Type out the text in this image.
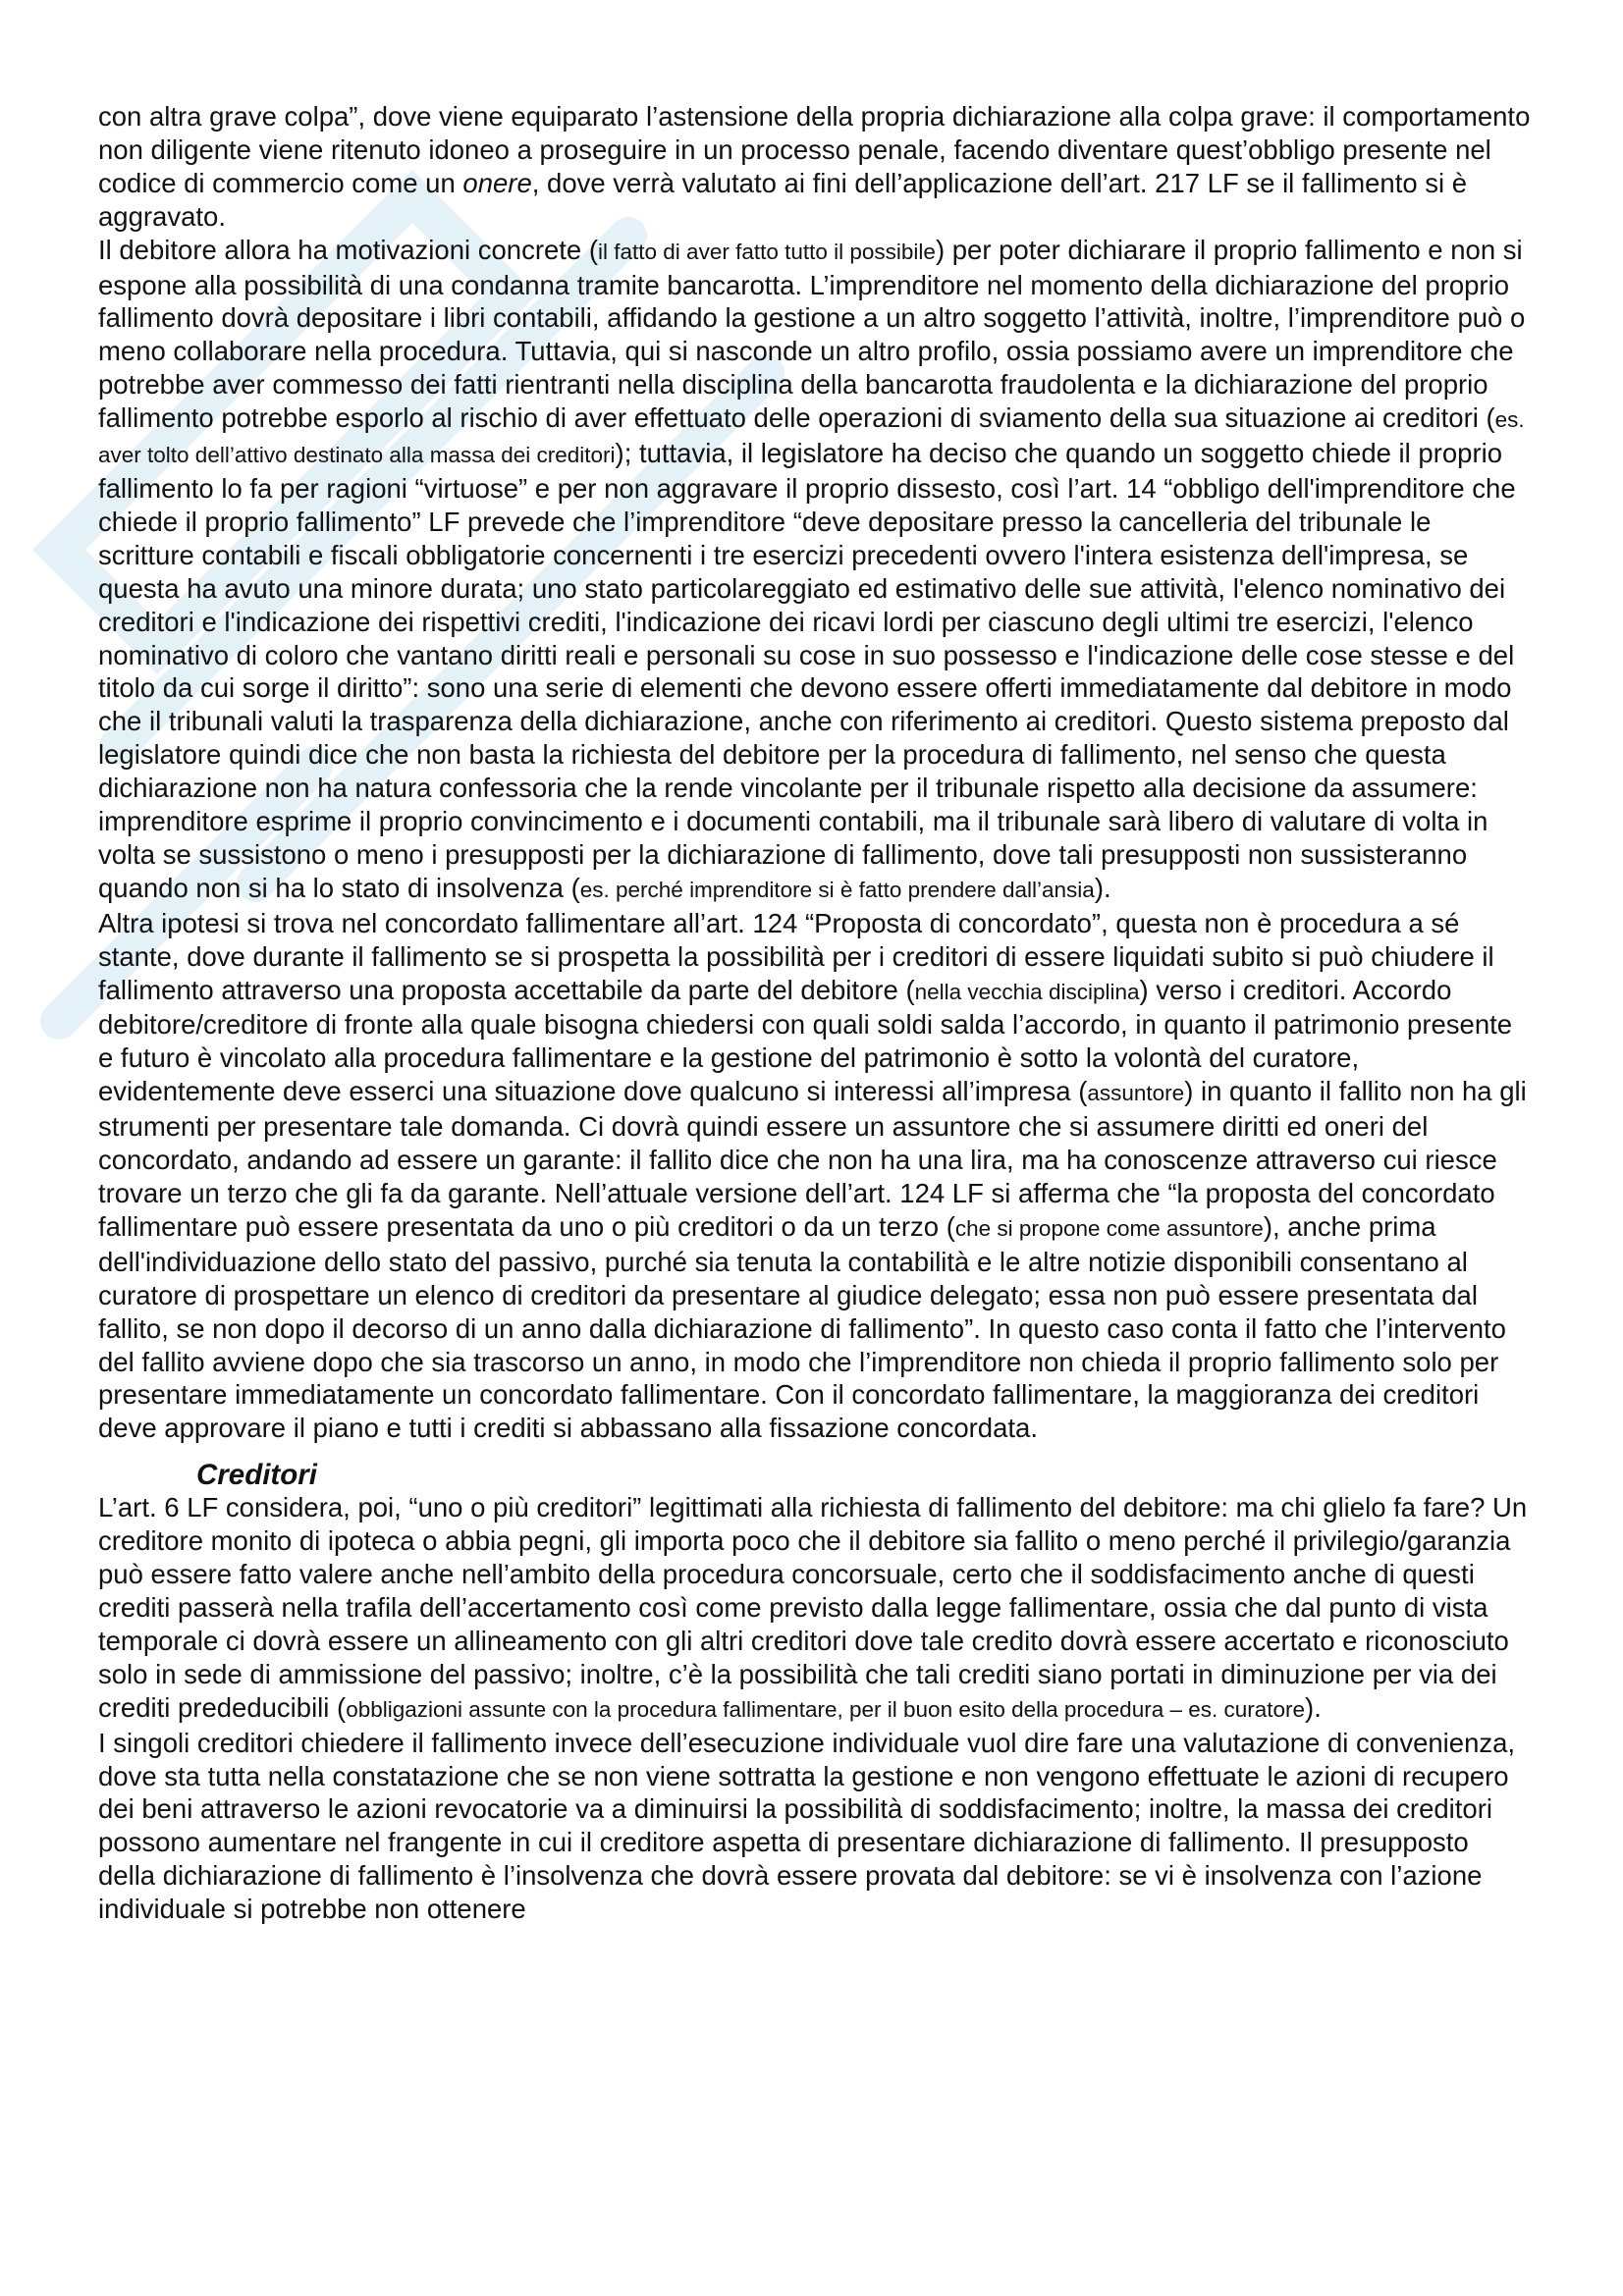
con altra grave colpa”, dove viene equiparato l’astensione della propria dichiarazione alla colpa grave: il comportamento non diligente viene ritenuto idoneo a proseguire in un processo penale, facendo diventare quest’obbligo presente nel codice di commercio come un onere, dove verrà valutato ai fini dell’applicazione dell’art. 217 LF se il fallimento si è aggravato.

Il debitore allora ha motivazioni concrete (il fatto di aver fatto tutto il possibile) per poter dichiarare il proprio fallimento e non si espone alla possibilità di una condanna tramite bancarotta. L’imprenditore nel momento della dichiarazione del proprio fallimento dovrà depositare i libri contabili, affidando la gestione a un altro soggetto l’attività, inoltre, l’imprenditore può o meno collaborare nella procedura. Tuttavia, qui si nasconde un altro profilo, ossia possiamo avere un imprenditore che potrebbe aver commesso dei fatti rientranti nella disciplina della bancarotta fraudolenta e la dichiarazione del proprio fallimento potrebbe esporlo al rischio di aver effettuato delle operazioni di sviamento della sua situazione ai creditori (es. aver tolto dell’attivo destinato alla massa dei creditori); tuttavia, il legislatore ha deciso che quando un soggetto chiede il proprio fallimento lo fa per ragioni “virtuose” e per non aggravare il proprio dissesto, così l’art. 14 “obbligo dell'imprenditore che chiede il proprio fallimento” LF prevede che l’imprenditore “deve depositare presso la cancelleria del tribunale le scritture contabili e fiscali obbligatorie concernenti i tre esercizi precedenti ovvero l'intera esistenza dell'impresa, se questa ha avuto una minore durata; uno stato particolareggiato ed estimativo delle sue attività, l'elenco nominativo dei creditori e l'indicazione dei rispettivi crediti, l'indicazione dei ricavi lordi per ciascuno degli ultimi tre esercizi, l'elenco nominativo di coloro che vantano diritti reali e personali su cose in suo possesso e l'indicazione delle cose stesse e del titolo da cui sorge il diritto”: sono una serie di elementi che devono essere offerti immediatamente dal debitore in modo che il tribunali valuti la trasparenza della dichiarazione, anche con riferimento ai creditori. Questo sistema preposto dal legislatore quindi dice che non basta la richiesta del debitore per la procedura di fallimento, nel senso che questa dichiarazione non ha natura confessoria che la rende vincolante per il tribunale rispetto alla decisione da assumere: imprenditore esprime il proprio convincimento e i documenti contabili, ma il tribunale sarà libero di valutare di volta in volta se sussistono o meno i presupposti per la dichiarazione di fallimento, dove tali presupposti non sussisteranno quando non si ha lo stato di insolvenza (es. perché imprenditore si è fatto prendere dall’ansia).

Altra ipotesi si trova nel concordato fallimentare all’art. 124 “Proposta di concordato”, questa non è procedura a sé stante, dove durante il fallimento se si prospetta la possibilità per i creditori di essere liquidati subito si può chiudere il fallimento attraverso una proposta accettabile da parte del debitore (nella vecchia disciplina) verso i creditori. Accordo debitore/creditore di fronte alla quale bisogna chiedersi con quali soldi salda l’accordo, in quanto il patrimonio presente e futuro è vincolato alla procedura fallimentare e la gestione del patrimonio è sotto la volontà del curatore, evidentemente deve esserci una situazione dove qualcuno si interessi all’impresa (assuntore) in quanto il fallito non ha gli strumenti per presentare tale domanda. Ci dovrà quindi essere un assuntore che si assumere diritti ed oneri del concordato, andando ad essere un garante: il fallito dice che non ha una lira, ma ha conoscenze attraverso cui riesce trovare un terzo che gli fa da garante. Nell’attuale versione dell’art. 124 LF si afferma che “la proposta del concordato fallimentare può essere presentata da uno o più creditori o da un terzo (che si propone come assuntore), anche prima dell'individuazione dello stato del passivo, purché sia tenuta la contabilità e le altre notizie disponibili consentano al curatore di prospettare un elenco di creditori da presentare al giudice delegato; essa non può essere presentata dal fallito, se non dopo il decorso di un anno dalla dichiarazione di fallimento”. In questo caso conta il fatto che l’intervento del fallito avviene dopo che sia trascorso un anno, in modo che l’imprenditore non chieda il proprio fallimento solo per presentare immediatamente un concordato fallimentare. Con il concordato fallimentare, la maggioranza dei creditori deve approvare il piano e tutti i crediti si abbassano alla fissazione concordata.

Creditori

L’art. 6 LF considera, poi, “uno o più creditori” legittimati alla richiesta di fallimento del debitore: ma chi glielo fa fare? Un creditore monito di ipoteca o abbia pegni, gli importa poco che il debitore sia fallito o meno perché il privilegio/garanzia può essere fatto valere anche nell’ambito della procedura concorsuale, certo che il soddisfacimento anche di questi crediti passerà nella trafila dell’accertamento così come previsto dalla legge fallimentare, ossia che dal punto di vista temporale ci dovrà essere un allineamento con gli altri creditori dove tale credito dovrà essere accertato e riconosciuto solo in sede di ammissione del passivo; inoltre, c’è la possibilità che tali crediti siano portati in diminuzione per via dei crediti prededucibili (obbligazioni assunte con la procedura fallimentare, per il buon esito della procedura – es. curatore).

I singoli creditori chiedere il fallimento invece dell’esecuzione individuale vuol dire fare una valutazione di convenienza, dove sta tutta nella constatazione che se non viene sottratta la gestione e non vengono effettuate le azioni di recupero dei beni attraverso le azioni revocatorie va a diminuirsi la possibilità di soddisfacimento; inoltre, la massa dei creditori possono aumentare nel frangente in cui il creditore aspetta di presentare dichiarazione di fallimento. Il presupposto della dichiarazione di fallimento è l’insolvenza che dovrà essere provata dal debitore: se vi è insolvenza con l’azione individuale si potrebbe non ottenere
